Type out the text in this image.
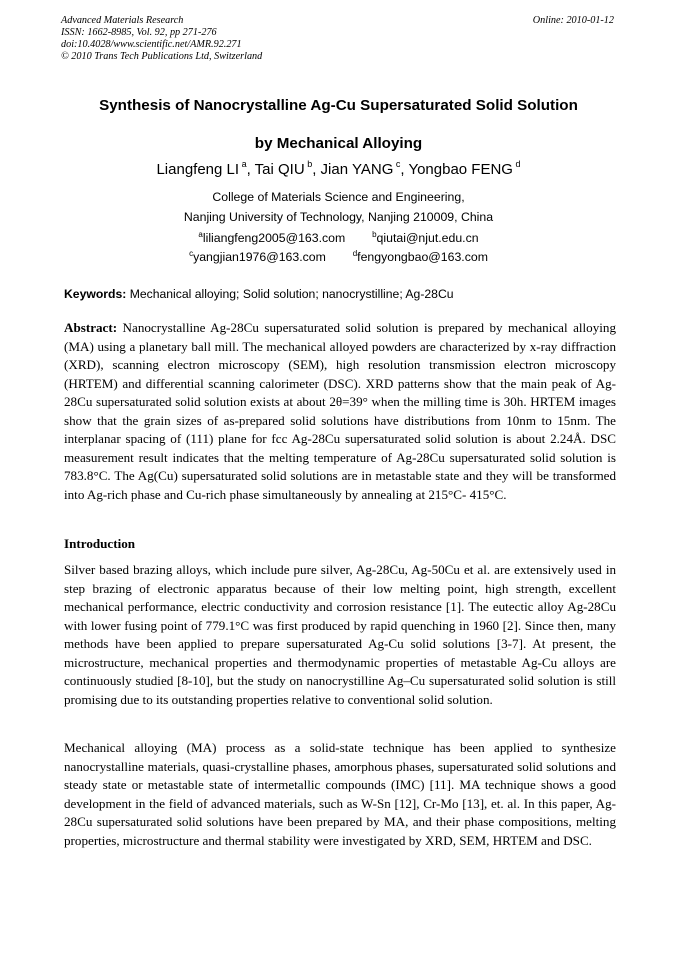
Advanced Materials Research
ISSN: 1662-8985, Vol. 92, pp 271-276
doi:10.4028/www.scientific.net/AMR.92.271
© 2010 Trans Tech Publications Ltd, Switzerland
Online: 2010-01-12
Synthesis of Nanocrystalline Ag-Cu Supersaturated Solid Solution
by Mechanical Alloying
Liangfeng LI $^a$, Tai QIU $^b$, Jian YANG $^c$, Yongbao FENG $^d$
College of Materials Science and Engineering,
Nanjing University of Technology, Nanjing 210009, China
$^a$liliangfeng2005@163.com	$^b$qiutai@njut.edu.cn
$^c$yangjian1976@163.com	$^d$fengyongbao@163.com
Keywords: Mechanical alloying; Solid solution; nanocrystilline; Ag-28Cu
Abstract: Nanocrystalline Ag-28Cu supersaturated solid solution is prepared by mechanical alloying (MA) using a planetary ball mill. The mechanical alloyed powders are characterized by x-ray diffraction (XRD), scanning electron microscopy (SEM), high resolution transmission electron microscopy (HRTEM) and differential scanning calorimeter (DSC). XRD patterns show that the main peak of Ag-28Cu supersaturated solid solution exists at about 2θ=39° when the milling time is 30h. HRTEM images show that the grain sizes of as-prepared solid solutions have distributions from 10nm to 15nm. The interplanar spacing of (111) plane for fcc Ag-28Cu supersaturated solid solution is about 2.24Å. DSC measurement result indicates that the melting temperature of Ag-28Cu supersaturated solid solution is 783.8°C. The Ag(Cu) supersaturated solid solutions are in metastable state and they will be transformed into Ag-rich phase and Cu-rich phase simultaneously by annealing at 215°C- 415°C.
Introduction
Silver based brazing alloys, which include pure silver, Ag-28Cu, Ag-50Cu et al. are extensively used in step brazing of electronic apparatus because of their low melting point, high strength, excellent mechanical performance, electric conductivity and corrosion resistance [1]. The eutectic alloy Ag-28Cu with lower fusing point of 779.1°C was first produced by rapid quenching in 1960 [2]. Since then, many methods have been applied to prepare supersaturated Ag-Cu solid solutions [3-7]. At present, the microstructure, mechanical properties and thermodynamic properties of metastable Ag-Cu alloys are continuously studied [8-10], but the study on nanocrystilline Ag–Cu supersaturated solid solution is still promising due to its outstanding properties relative to conventional solid solution.
Mechanical alloying (MA) process as a solid-state technique has been applied to synthesize nanocrystalline materials, quasi-crystalline phases, amorphous phases, supersaturated solid solutions and steady state or metastable state of intermetallic compounds (IMC) [11]. MA technique shows a good development in the field of advanced materials, such as W-Sn [12], Cr-Mo [13], et. al. In this paper, Ag-28Cu supersaturated solid solutions have been prepared by MA, and their phase compositions, melting properties, microstructure and thermal stability were investigated by XRD, SEM, HRTEM and DSC.
